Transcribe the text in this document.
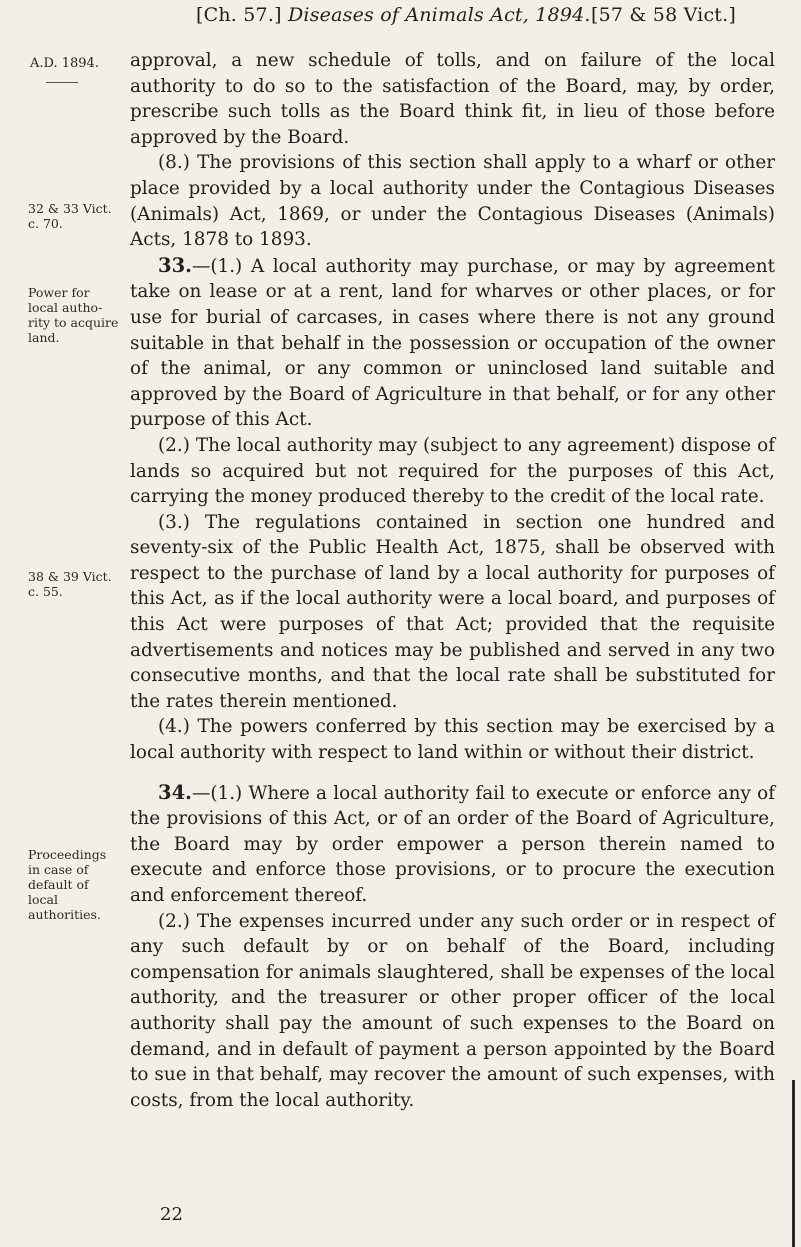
[Ch. 57.] Diseases of Animals Act, 1894. [57 & 58 Vict.]
A.D. 1894.
32 & 33 Vict. c. 70.
Power for local authority to acquire land.
38 & 39 Vict. c. 55.
Proceedings in case of default of local authorities.

approval, a new schedule of tolls, and on failure of the local authority to do so to the satisfaction of the Board, may, by order, prescribe such tolls as the Board think fit, in lieu of those before approved by the Board.

(8.) The provisions of this section shall apply to a wharf or other place provided by a local authority under the Contagious Diseases (Animals) Act, 1869, or under the Contagious Diseases (Animals) Acts, 1878 to 1893.

33.—(1.) A local authority may purchase, or may by agreement take on lease or at a rent, land for wharves or other places, or for use for burial of carcases, in cases where there is not any ground suitable in that behalf in the possession or occupation of the owner of the animal, or any common or uninclosed land suitable and approved by the Board of Agriculture in that behalf, or for any other purpose of this Act.

(2.) The local authority may (subject to any agreement) dispose of lands so acquired but not required for the purposes of this Act, carrying the money produced thereby to the credit of the local rate.

(3.) The regulations contained in section one hundred and seventy-six of the Public Health Act, 1875, shall be observed with respect to the purchase of land by a local authority for purposes of this Act, as if the local authority were a local board, and purposes of this Act were purposes of that Act; provided that the requisite advertisements and notices may be published and served in any two consecutive months, and that the local rate shall be substituted for the rates therein mentioned.

(4.) The powers conferred by this section may be exercised by a local authority with respect to land within or without their district.

34.—(1.) Where a local authority fail to execute or enforce any of the provisions of this Act, or of an order of the Board of Agriculture, the Board may by order empower a person therein named to execute and enforce those provisions, or to procure the execution and enforcement thereof.

(2.) The expenses incurred under any such order or in respect of any such default by or on behalf of the Board, including compensation for animals slaughtered, shall be expenses of the local authority, and the treasurer or other proper officer of the local authority shall pay the amount of such expenses to the Board on demand, and in default of payment a person appointed by the Board to sue in that behalf, may recover the amount of such expenses, with costs, from the local authority.

22
